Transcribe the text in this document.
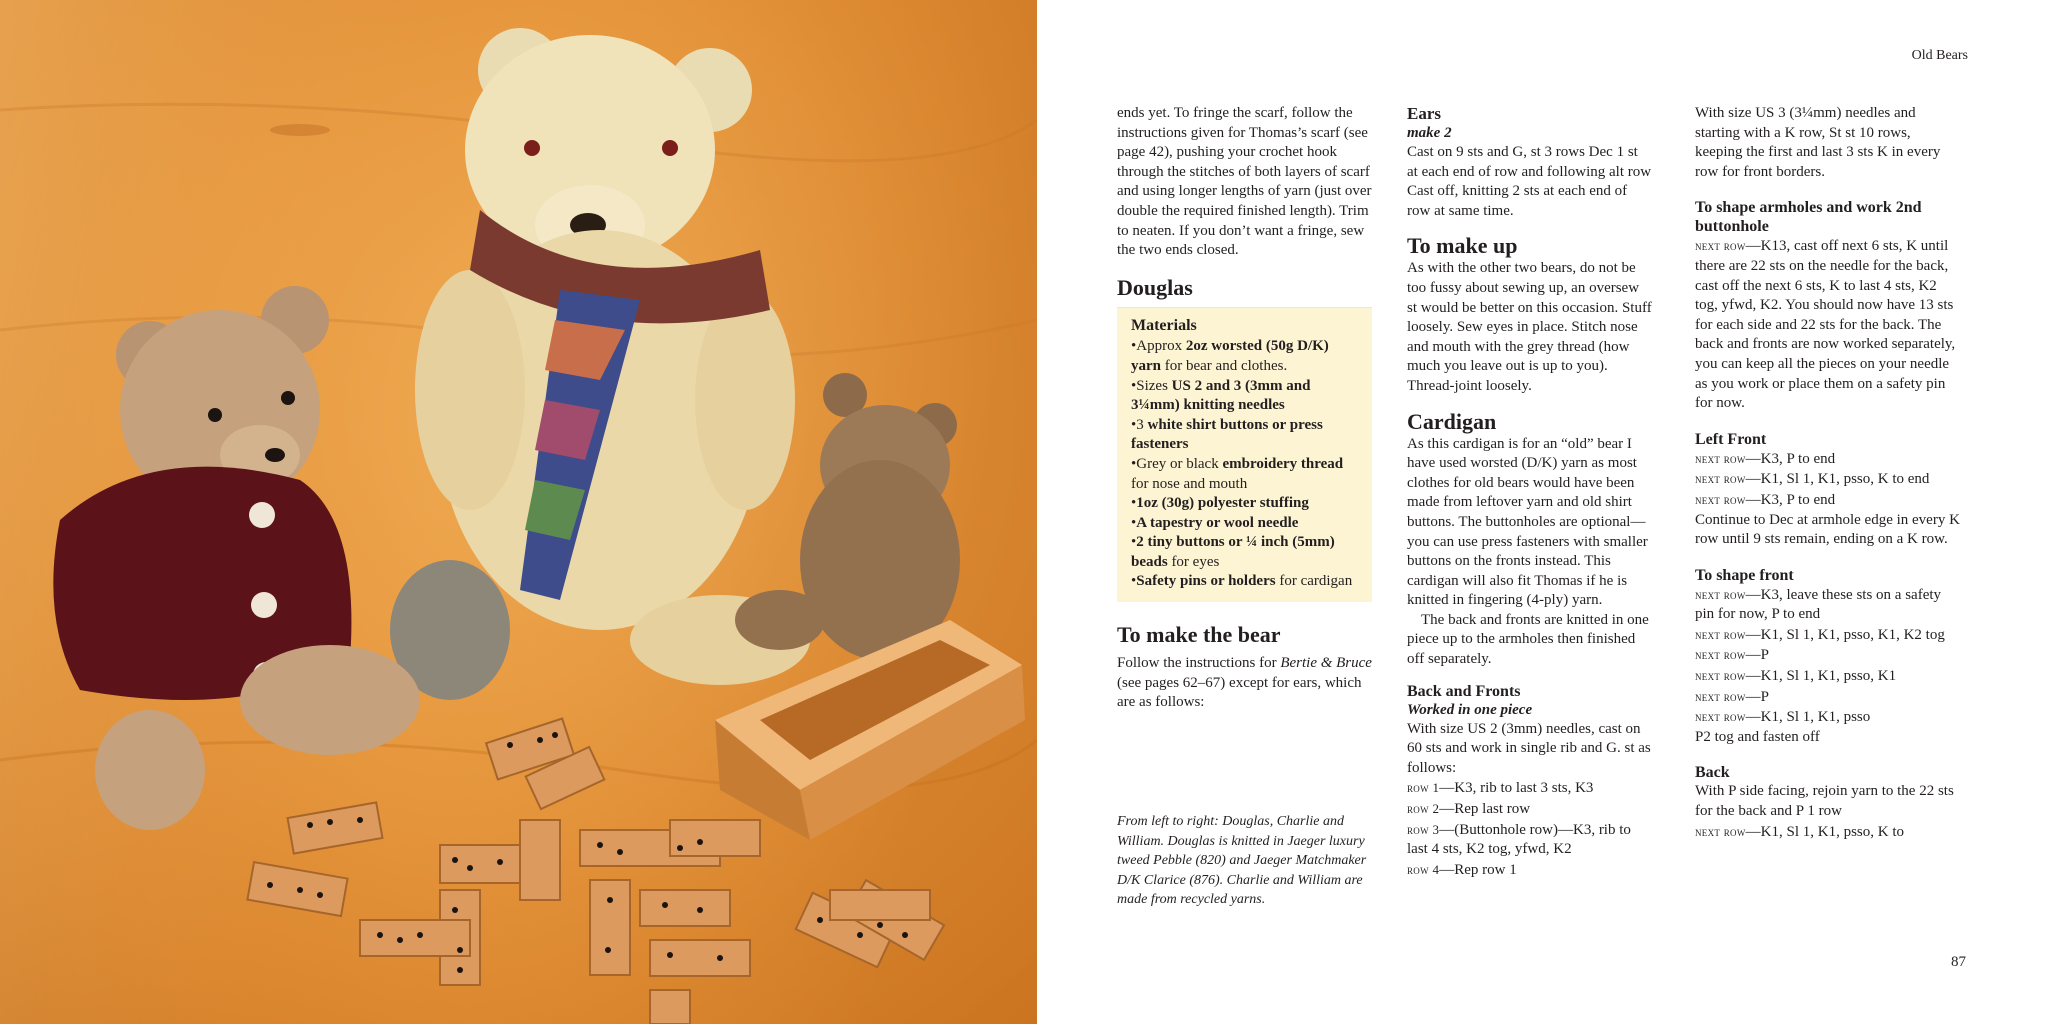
Old Bears

ends yet. To fringe the scarf, follow the instructions given for Thomas’s scarf (see page 42), pushing your crochet hook through the stitches of both layers of scarf and using longer lengths of yarn (just over double the required finished length). Trim to neaten. If you don’t want a fringe, sew the two ends closed.

Douglas
Materials

•Approx 2oz worsted (50g D/K) yarn for bear and clothes.

•Sizes US 2 and 3 (3mm and 3¼mm) knitting needles

•3 white shirt buttons or press fasteners

•Grey or black embroidery thread for nose and mouth

•1oz (30g) polyester stuffing

•A tapestry or wool needle

•2 tiny buttons or ¼ inch (5mm) beads for eyes

•Safety pins or holders for cardigan

To make the bear

Follow the instructions for Bertie & Bruce (see pages 62–67) except for ears, which are as follows:

From left to right: Douglas, Charlie and William. Douglas is knitted in Jaeger luxury tweed Pebble (820) and Jaeger Matchmaker D/K Clarice (876). Charlie and William are made from recycled yarns.
Ears
make 2

Cast on 9 sts and G, st 3 rows Dec 1 st at each end of row and following alt row Cast off, knitting 2 sts at each end of row at same time.

To make up

As with the other two bears, do not be too fussy about sewing up, an oversew st would be better on this occasion. Stuff loosely. Sew eyes in place. Stitch nose and mouth with the grey thread (how much you leave out is up to you). Thread-joint loosely.

Cardigan

As this cardigan is for an “old” bear I have used worsted (D/K) yarn as most clothes for old bears would have been made from leftover yarn and old shirt buttons. The buttonholes are optional—you can use press fasteners with smaller buttons on the fronts instead. This cardigan will also fit Thomas if he is knitted in fingering (4-ply) yarn.

The back and fronts are knitted in one piece up to the armholes then finished off separately.

Back and Fronts
Worked in one piece

With size US 2 (3mm) needles, cast on 60 sts and work in single rib and G. st as follows:

row 1—K3, rib to last 3 sts, K3

row 2—Rep last row

row 3—(Buttonhole row)—K3, rib to last 4 sts, K2 tog, yfwd, K2

row 4—Rep row 1

With size US 3 (3¼mm) needles and starting with a K row, St st 10 rows, keeping the first and last 3 sts K in every row for front borders.

To shape armholes and work 2nd buttonhole

next row—K13, cast off next 6 sts, K until there are 22 sts on the needle for the back, cast off the next 6 sts, K to last 4 sts, K2 tog, yfwd, K2. You should now have 13 sts for each side and 22 sts for the back. The back and fronts are now worked separately, you can keep all the pieces on your needle as you work or place them on a safety pin for now.

Left Front

next row—K3, P to end

next row—K1, Sl 1, K1, psso, K to end

next row—K3, P to end

Continue to Dec at armhole edge in every K row until 9 sts remain, ending on a K row.

To shape front

next row—K3, leave these sts on a safety pin for now, P to end

next row—K1, Sl 1, K1, psso, K1, K2 tog

next row—P

next row—K1, Sl 1, K1, psso, K1

next row—P

next row—K1, Sl 1, K1, psso

P2 tog and fasten off

Back

With P side facing, rejoin yarn to the 22 sts for the back and P 1 row

next row—K1, Sl 1, K1, psso, K to

87
